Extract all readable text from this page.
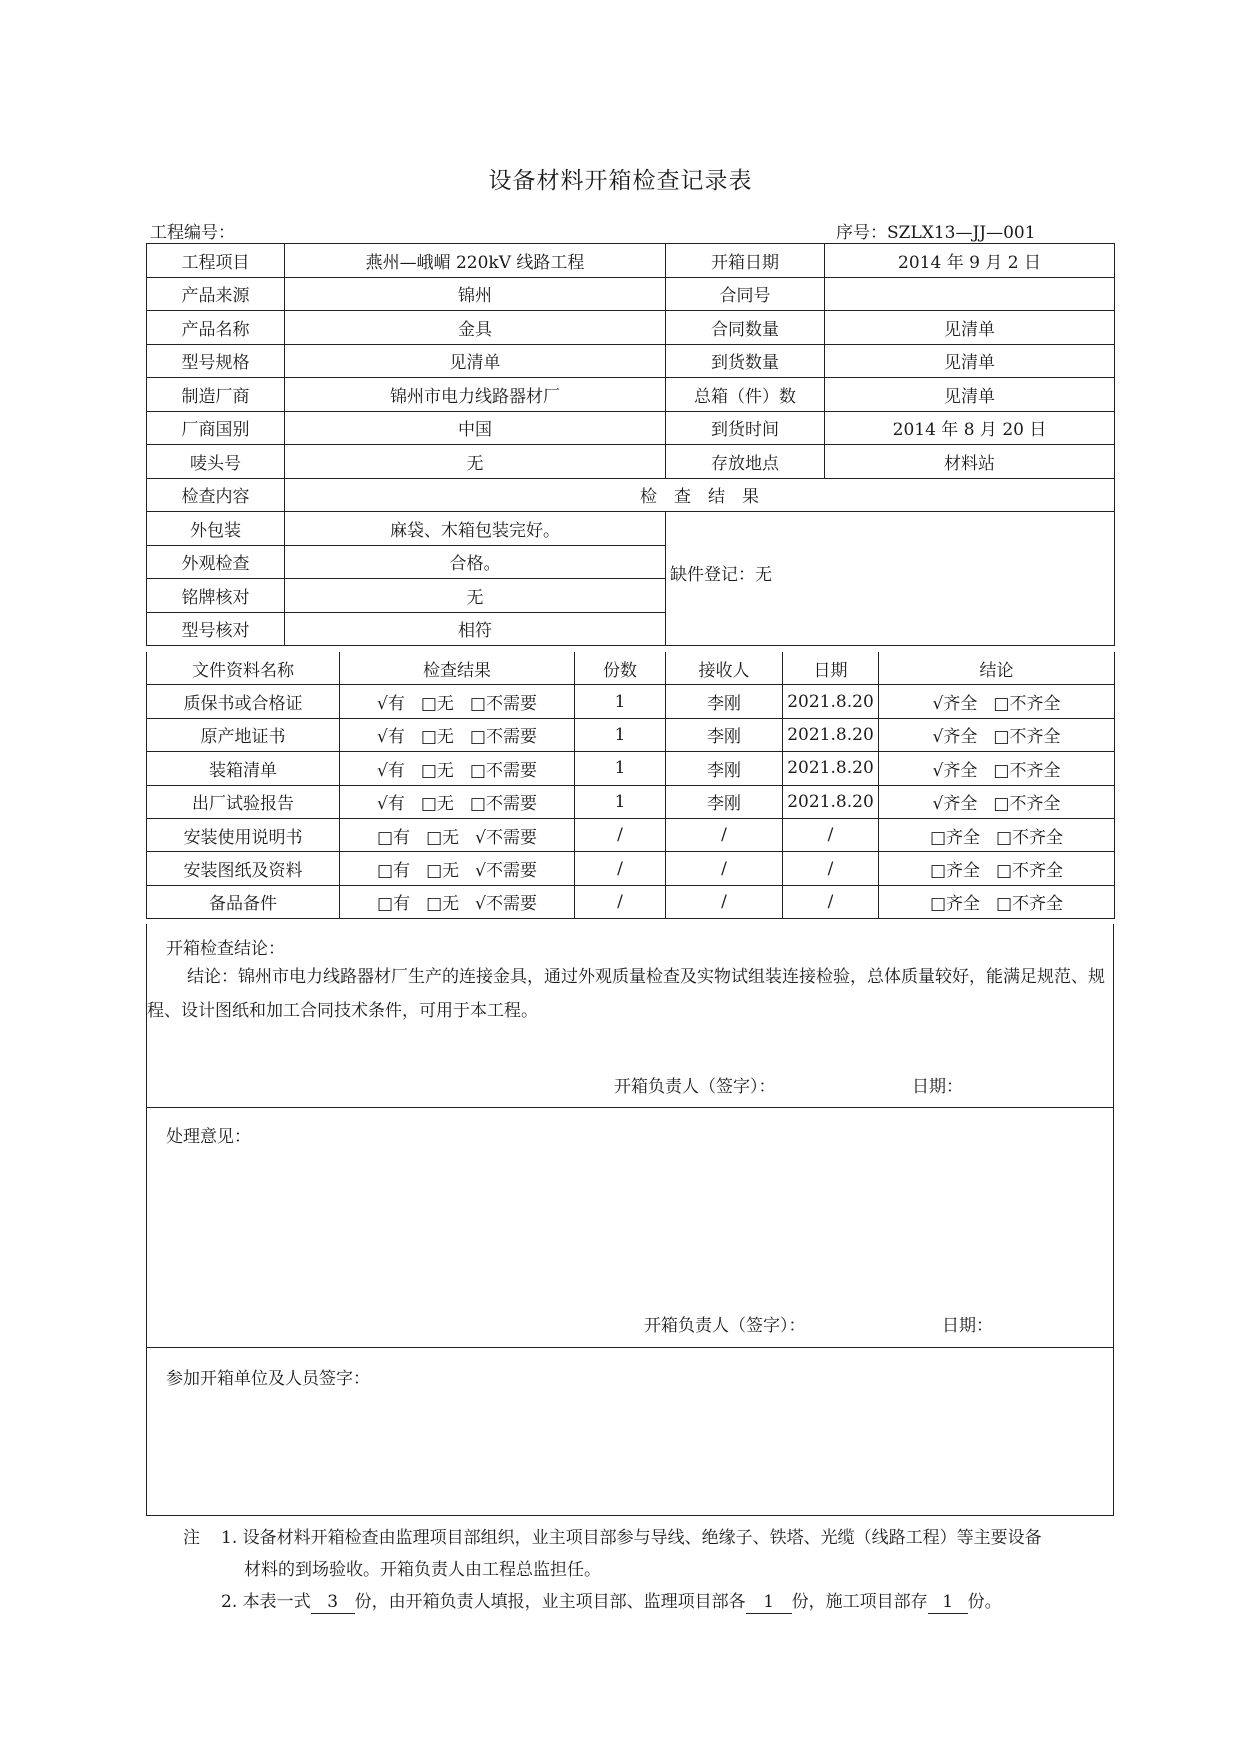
设备材料开箱检查记录表
工程编号：	序号：SZLX13—JJ—001
工程项目	燕州—峨嵋 220kV 线路工程	开箱日期	2014 年 9 月 2 日
产品来源	锦州	合同号	
产品名称	金具	合同数量	见清单
型号规格	见清单	到货数量	见清单
制造厂商	锦州市电力线路器材厂	总箱（件）数	见清单
厂商国别	中国	到货时间	2014 年 8 月 20 日
唛头号	无	存放地点	材料站
检查内容	检　查　结　果		
外包装	麻袋、木箱包装完好。	缺件登记：无	
外观检查	合格。		
铭牌核对	无		
型号核对	相符		
文件资料名称	检查结果	份数	接收人	日期	结论
质保书或合格证	√有 □无 □不需要	1	李刚	2021.8.20	√齐全 □不齐全
原产地证书	√有 □无 □不需要	1	李刚	2021.8.20	√齐全 □不齐全
装箱清单	√有 □无 □不需要	1	李刚	2021.8.20	√齐全 □不齐全
出厂试验报告	√有 □无 □不需要	1	李刚	2021.8.20	√齐全 □不齐全
安装使用说明书	□有 □无 √不需要	/	/	/	□齐全 □不齐全
安装图纸及资料	□有 □无 √不需要	/	/	/	□齐全 □不齐全
备品备件	□有 □无 √不需要	/	/	/	□齐全 □不齐全
开箱检查结论：
结论：锦州市电力线路器材厂生产的连接金具，通过外观质量检查及实物试组装连接检验，总体质量较好，能满足规范、规程、设计图纸和加工合同技术条件，可用于本工程。
开箱负责人（签字）：	日期：
处理意见：
开箱负责人（签字）：	日期：
参加开箱单位及人员签字：
注 1. 设备材料开箱检查由监理项目部组织，业主项目部参与导线、绝缘子、铁塔、光缆（线路工程）等主要设备
材料的到场验收。开箱负责人由工程总监担任。
2. 本表一式 3 份，由开箱负责人填报，业主项目部、监理项目部各 1 份，施工项目部存 1 份。
